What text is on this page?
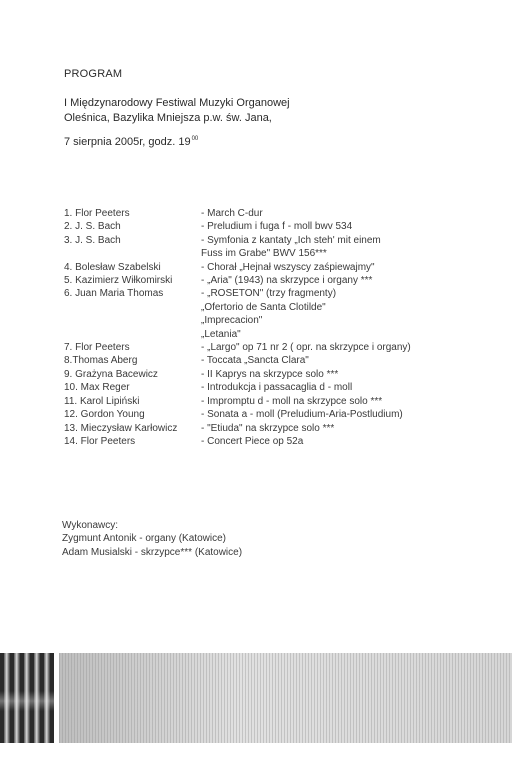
PROGRAM
I Międzynarodowy Festiwal Muzyki Organowej
Oleśnica, Bazylika Mniejsza p.w. św. Jana,
7 sierpnia 2005r, godz. $19^{00}$
1. Flor Peeters	- March C-dur
2. J. S. Bach	- Preludium i fuga f - moll bwv 534
3. J. S. Bach	- Symfonia z kantaty „Ich steh' mit einem
Fuss im Grabe" BWV 156***
4. Bolesław Szabelski	- Chorał „Hejnał wszyscy zaśpiewajmy"
5. Kazimierz Wiłkomirski	- „Aria" (1943) na skrzypce i organy ***
6. Juan Maria Thomas	- „ROSETON" (trzy fragmenty)
„Ofertorio de Santa Clotilde"
„Imprecacion"
„Letania"
7. Flor Peeters	- „Largo" op 71 nr 2 ( opr. na skrzypce i organy)
8.Thomas Aberg	- Toccata „Sancta Clara"
9. Grażyna Bacewicz	- II Kaprys na skrzypce solo ***
10. Max Reger	- Introdukcja i passacaglia d - moll
11. Karol Lipiński	- Impromptu d - moll na skrzypce solo ***
12. Gordon Young	- Sonata a - moll (Preludium-Aria-Postludium)
13. Mieczysław Karłowicz	- "Etiuda" na skrzypce solo ***
14. Flor Peeters	- Concert Piece op 52a
Wykonawcy:
Zygmunt Antonik - organy (Katowice)
Adam Musialski - skrzypce*** (Katowice)
